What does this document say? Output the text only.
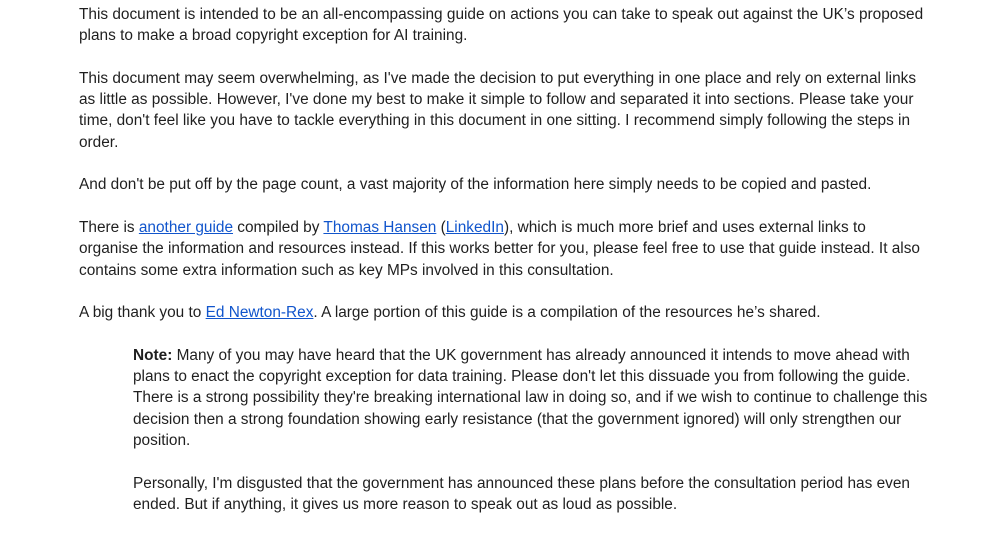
This document is intended to be an all-encompassing guide on actions you can take to speak out against the UK’s proposed plans to make a broad copyright exception for AI training.

This document may seem overwhelming, as I've made the decision to put everything in one place and rely on external links as little as possible. However, I've done my best to make it simple to follow and separated it into sections. Please take your time, don't feel like you have to tackle everything in this document in one sitting. I recommend simply following the steps in order.

And don't be put off by the page count, a vast majority of the information here simply needs to be copied and pasted.

There is another guide compiled by Thomas Hansen (LinkedIn), which is much more brief and uses external links to organise the information and resources instead. If this works better for you, please feel free to use that guide instead. It also contains some extra information such as key MPs involved in this consultation.

A big thank you to Ed Newton-Rex. A large portion of this guide is a compilation of the resources he’s shared.

Note: Many of you may have heard that the UK government has already announced it intends to move ahead with plans to enact the copyright exception for data training. Please don't let this dissuade you from following the guide. There is a strong possibility they're breaking international law in doing so, and if we wish to continue to challenge this decision then a strong foundation showing early resistance (that the government ignored) will only strengthen our position.

Personally, I'm disgusted that the government has announced these plans before the consultation period has even ended. But if anything, it gives us more reason to speak out as loud as possible.
